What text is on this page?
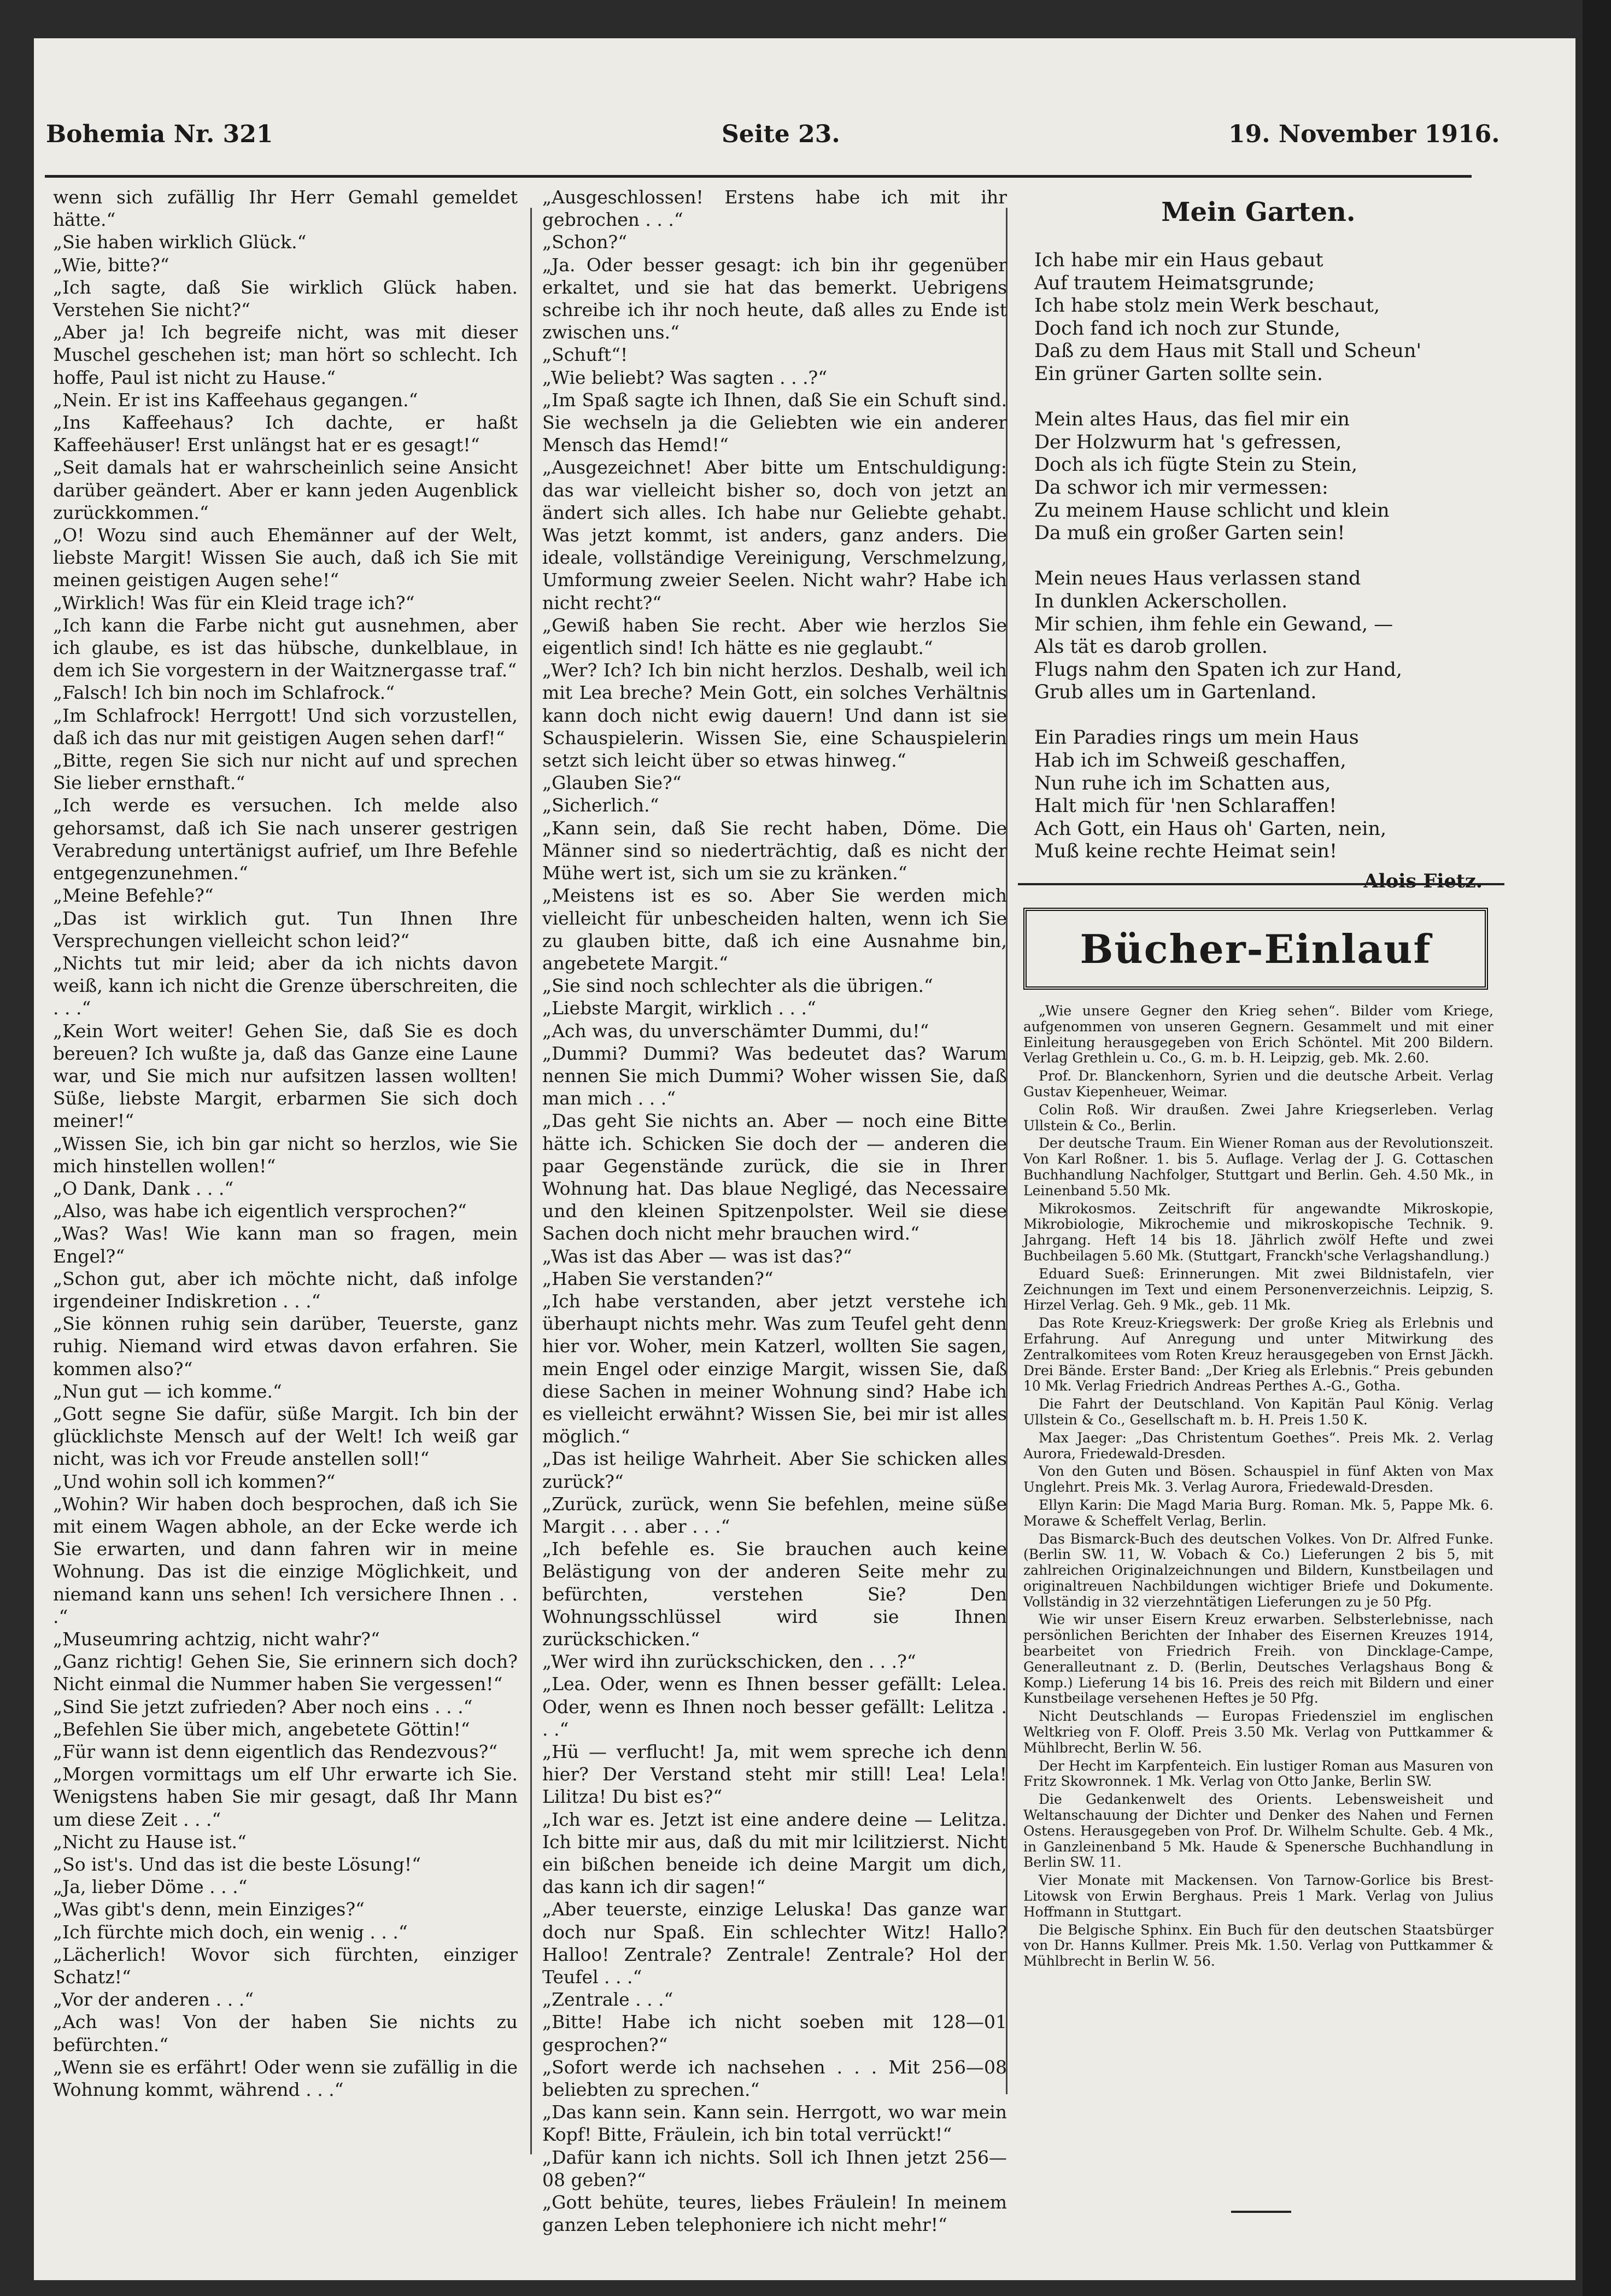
Bohemia Nr. 321	Seite 23.	19. November 1916.

wenn sich zufällig Ihr Herr Gemahl gemeldet hätte.“

„Sie haben wirklich Glück.“

„Wie, bitte?“

„Ich sagte, daß Sie wirklich Glück haben. Verstehen Sie nicht?“

„Aber ja! Ich begreife nicht, was mit dieser Muschel geschehen ist; man hört so schlecht. Ich hoffe, Paul ist nicht zu Hause.“

„Nein. Er ist ins Kaffeehaus gegangen.“

„Ins Kaffeehaus? Ich dachte, er haßt Kaffeehäuser! Erst unlängst hat er es gesagt!“

„Seit damals hat er wahrscheinlich seine Ansicht darüber geändert. Aber er kann jeden Augenblick zurückkommen.“

„O! Wozu sind auch Ehemänner auf der Welt, liebste Margit! Wissen Sie auch, daß ich Sie mit meinen geistigen Augen sehe!“

„Wirklich! Was für ein Kleid trage ich?“

„Ich kann die Farbe nicht gut ausnehmen, aber ich glaube, es ist das hübsche, dunkelblaue, in dem ich Sie vorgestern in der Waitznergasse traf.“

„Falsch! Ich bin noch im Schlafrock.“

„Im Schlafrock! Herrgott! Und sich vorzustellen, daß ich das nur mit geistigen Augen sehen darf!“

„Bitte, regen Sie sich nur nicht auf und sprechen Sie lieber ernsthaft.“

„Ich werde es versuchen. Ich melde also gehorsamst, daß ich Sie nach unserer gestrigen Verabredung untertänigst aufrief, um Ihre Befehle entgegenzunehmen.“

„Meine Befehle?“

„Das ist wirklich gut. Tun Ihnen Ihre Versprechungen vielleicht schon leid?“

„Nichts tut mir leid; aber da ich nichts davon weiß, kann ich nicht die Grenze überschreiten, die . . .“

„Kein Wort weiter! Gehen Sie, daß Sie es doch bereuen? Ich wußte ja, daß das Ganze eine Laune war, und Sie mich nur aufsitzen lassen wollten! Süße, liebste Margit, erbarmen Sie sich doch meiner!“

„Wissen Sie, ich bin gar nicht so herzlos, wie Sie mich hinstellen wollen!“

„O Dank, Dank . . .“

„Also, was habe ich eigentlich versprochen?“

„Was? Was! Wie kann man so fragen, mein Engel?“

„Schon gut, aber ich möchte nicht, daß infolge irgendeiner Indiskretion . . .“

„Sie können ruhig sein darüber, Teuerste, ganz ruhig. Niemand wird etwas davon erfahren. Sie kommen also?“

„Nun gut — ich komme.“

„Gott segne Sie dafür, süße Margit. Ich bin der glücklichste Mensch auf der Welt! Ich weiß gar nicht, was ich vor Freude anstellen soll!“

„Und wohin soll ich kommen?“

„Wohin? Wir haben doch besprochen, daß ich Sie mit einem Wagen abhole, an der Ecke werde ich Sie erwarten, und dann fahren wir in meine Wohnung. Das ist die einzige Möglichkeit, und niemand kann uns sehen! Ich versichere Ihnen . . .“

„Museumring achtzig, nicht wahr?“

„Ganz richtig! Gehen Sie, Sie erinnern sich doch? Nicht einmal die Nummer haben Sie vergessen!“

„Sind Sie jetzt zufrieden? Aber noch eins . . .“

„Befehlen Sie über mich, angebetete Göttin!“

„Für wann ist denn eigentlich das Rendezvous?“

„Morgen vormittags um elf Uhr erwarte ich Sie. Wenigstens haben Sie mir gesagt, daß Ihr Mann um diese Zeit . . .“

„Nicht zu Hause ist.“

„So ist's. Und das ist die beste Lösung!“

„Ja, lieber Döme . . .“

„Was gibt's denn, mein Einziges?“

„Ich fürchte mich doch, ein wenig . . .“

„Lächerlich! Wovor sich fürchten, einziger Schatz!“

„Vor der anderen . . .“

„Ach was! Von der haben Sie nichts zu befürchten.“

„Wenn sie es erfährt! Oder wenn sie zufällig in die Wohnung kommt, während . . .“

„Ausgeschlossen! Erstens habe ich mit ihr gebrochen . . .“

„Schon?“

„Ja. Oder besser gesagt: ich bin ihr gegenüber erkaltet, und sie hat das bemerkt. Uebrigens schreibe ich ihr noch heute, daß alles zu Ende ist zwischen uns.“

„Schuft“!

„Wie beliebt? Was sagten . . .?“

„Im Spaß sagte ich Ihnen, daß Sie ein Schuft sind. Sie wechseln ja die Geliebten wie ein anderer Mensch das Hemd!“

„Ausgezeichnet! Aber bitte um Entschuldigung: das war vielleicht bisher so, doch von jetzt an ändert sich alles. Ich habe nur Geliebte gehabt. Was jetzt kommt, ist anders, ganz anders. Die ideale, vollständige Vereinigung, Verschmelzung, Umformung zweier Seelen. Nicht wahr? Habe ich nicht recht?“

„Gewiß haben Sie recht. Aber wie herzlos Sie eigentlich sind! Ich hätte es nie geglaubt.“

„Wer? Ich? Ich bin nicht herzlos. Deshalb, weil ich mit Lea breche? Mein Gott, ein solches Verhältnis kann doch nicht ewig dauern! Und dann ist sie Schauspielerin. Wissen Sie, eine Schauspielerin setzt sich leicht über so etwas hinweg.“

„Glauben Sie?“

„Sicherlich.“

„Kann sein, daß Sie recht haben, Döme. Die Männer sind so niederträchtig, daß es nicht der Mühe wert ist, sich um sie zu kränken.“

„Meistens ist es so. Aber Sie werden mich vielleicht für unbescheiden halten, wenn ich Sie zu glauben bitte, daß ich eine Ausnahme bin, angebetete Margit.“

„Sie sind noch schlechter als die übrigen.“

„Liebste Margit, wirklich . . .“

„Ach was, du unverschämter Dummi, du!“

„Dummi? Dummi? Was bedeutet das? Warum nennen Sie mich Dummi? Woher wissen Sie, daß man mich . . .“

„Das geht Sie nichts an. Aber — noch eine Bitte hätte ich. Schicken Sie doch der — anderen die paar Gegenstände zurück, die sie in Ihrer Wohnung hat. Das blaue Negligé, das Necessaire und den kleinen Spitzenpolster. Weil sie diese Sachen doch nicht mehr brauchen wird.“

„Was ist das Aber — was ist das?“

„Haben Sie verstanden?“

„Ich habe verstanden, aber jetzt verstehe ich überhaupt nichts mehr. Was zum Teufel geht denn hier vor. Woher, mein Katzerl, wollten Sie sagen, mein Engel oder einzige Margit, wissen Sie, daß diese Sachen in meiner Wohnung sind? Habe ich es vielleicht erwähnt? Wissen Sie, bei mir ist alles möglich.“

„Das ist heilige Wahrheit. Aber Sie schicken alles zurück?“

„Zurück, zurück, wenn Sie befehlen, meine süße Margit . . . aber . . .“

„Ich befehle es. Sie brauchen auch keine Belästigung von der anderen Seite mehr zu befürchten, verstehen Sie? Den Wohnungsschlüssel wird sie Ihnen zurückschicken.“

„Wer wird ihn zurückschicken, den . . .?“

„Lea. Oder, wenn es Ihnen besser gefällt: Lelea. Oder, wenn es Ihnen noch besser gefällt: Lelitza . . .“

„Hü — verflucht! Ja, mit wem spreche ich denn hier? Der Verstand steht mir still! Lea! Lela! Lilitza! Du bist es?“

„Ich war es. Jetzt ist eine andere deine — Lelitza. Ich bitte mir aus, daß du mit mir lcilitzierst. Nicht ein bißchen beneide ich deine Margit um dich, das kann ich dir sagen!“

„Aber teuerste, einzige Leluska! Das ganze war doch nur Spaß. Ein schlechter Witz! Hallo? Halloo! Zentrale? Zentrale! Zentrale? Hol der Teufel . . .“

„Zentrale . . .“

„Bitte! Habe ich nicht soeben mit 128—01 gesprochen?“

„Sofort werde ich nachsehen . . . Mit 256—08 beliebten zu sprechen.“

„Das kann sein. Kann sein. Herrgott, wo war mein Kopf! Bitte, Fräulein, ich bin total verrückt!“

„Dafür kann ich nichts. Soll ich Ihnen jetzt 256—08 geben?“

„Gott behüte, teures, liebes Fräulein! In meinem ganzen Leben telephoniere ich nicht mehr!“

Mein Garten.
Ich habe mir ein Haus gebaut
Auf trautem Heimatsgrunde;
Ich habe stolz mein Werk beschaut,
Doch fand ich noch zur Stunde,
Daß zu dem Haus mit Stall und Scheun'
Ein grüner Garten sollte sein.
Mein altes Haus, das fiel mir ein
Der Holzwurm hat 's gefressen,
Doch als ich fügte Stein zu Stein,
Da schwor ich mir vermessen:
Zu meinem Hause schlicht und klein
Da muß ein großer Garten sein!
Mein neues Haus verlassen stand
In dunklen Ackerschollen.
Mir schien, ihm fehle ein Gewand, —
Als tät es darob grollen.
Flugs nahm den Spaten ich zur Hand,
Grub alles um in Gartenland.
Ein Paradies rings um mein Haus
Hab ich im Schweiß geschaffen,
Nun ruhe ich im Schatten aus,
Halt mich für 'nen Schlaraffen!
Ach Gott, ein Haus oh' Garten, nein,
Muß keine rechte Heimat sein!
Alois Fietz.
Bücher-Einlauf

„Wie unsere Gegner den Krieg sehen“. Bilder vom Kriege, aufgenommen von unseren Gegnern. Gesammelt und mit einer Einleitung herausgegeben von Erich Schöntel. Mit 200 Bildern. Verlag Grethlein u. Co., G. m. b. H. Leipzig, geb. Mk. 2.60.

Prof. Dr. Blanckenhorn, Syrien und die deutsche Arbeit. Verlag Gustav Kiepenheuer, Weimar.

Colin Roß. Wir draußen. Zwei Jahre Kriegserleben. Verlag Ullstein & Co., Berlin.

Der deutsche Traum. Ein Wiener Roman aus der Revolutionszeit. Von Karl Roßner. 1. bis 5. Auflage. Verlag der J. G. Cottaschen Buchhandlung Nachfolger, Stuttgart und Berlin. Geh. 4.50 Mk., in Leinenband 5.50 Mk.

Mikrokosmos. Zeitschrift für angewandte Mikroskopie, Mikrobiologie, Mikrochemie und mikroskopische Technik. 9. Jahrgang. Heft 14 bis 18. Jährlich zwölf Hefte und zwei Buchbeilagen 5.60 Mk. (Stuttgart, Franckh'sche Verlagshandlung.)

Eduard Sueß: Erinnerungen. Mit zwei Bildnistafeln, vier Zeichnungen im Text und einem Personenverzeichnis. Leipzig, S. Hirzel Verlag. Geh. 9 Mk., geb. 11 Mk.

Das Rote Kreuz-Kriegswerk: Der große Krieg als Erlebnis und Erfahrung. Auf Anregung und unter Mitwirkung des Zentralkomitees vom Roten Kreuz herausgegeben von Ernst Jäckh. Drei Bände. Erster Band: „Der Krieg als Erlebnis.“ Preis gebunden 10 Mk. Verlag Friedrich Andreas Perthes A.-G., Gotha.

Die Fahrt der Deutschland. Von Kapitän Paul König. Verlag Ullstein & Co., Gesellschaft m. b. H. Preis 1.50 K.

Max Jaeger: „Das Christentum Goethes“. Preis Mk. 2. Verlag Aurora, Friedewald-Dresden.

Von den Guten und Bösen. Schauspiel in fünf Akten von Max Unglehrt. Preis Mk. 3. Verlag Aurora, Friedewald-Dresden.

Ellyn Karin: Die Magd Maria Burg. Roman. Mk. 5, Pappe Mk. 6. Morawe & Scheffelt Verlag, Berlin.

Das Bismarck-Buch des deutschen Volkes. Von Dr. Alfred Funke. (Berlin SW. 11, W. Vobach & Co.) Lieferungen 2 bis 5, mit zahlreichen Originalzeichnungen und Bildern, Kunstbeilagen und originaltreuen Nachbildungen wichtiger Briefe und Dokumente. Vollständig in 32 vierzehntätigen Lieferungen zu je 50 Pfg.

Wie wir unser Eisern Kreuz erwarben. Selbsterlebnisse, nach persönlichen Berichten der Inhaber des Eisernen Kreuzes 1914, bearbeitet von Friedrich Freih. von Dincklage-Campe, Generalleutnant z. D. (Berlin, Deutsches Verlagshaus Bong & Komp.) Lieferung 14 bis 16. Preis des reich mit Bildern und einer Kunstbeilage versehenen Heftes je 50 Pfg.

Nicht Deutschlands — Europas Friedensziel im englischen Weltkrieg von F. Oloff. Preis 3.50 Mk. Verlag von Puttkammer & Mühlbrecht, Berlin W. 56.

Der Hecht im Karpfenteich. Ein lustiger Roman aus Masuren von Fritz Skowronnek. 1 Mk. Verlag von Otto Janke, Berlin SW.

Die Gedankenwelt des Orients. Lebensweisheit und Weltanschauung der Dichter und Denker des Nahen und Fernen Ostens. Herausgegeben von Prof. Dr. Wilhelm Schulte. Geb. 4 Mk., in Ganzleinenband 5 Mk. Haude & Spenersche Buchhandlung in Berlin SW. 11.

Vier Monate mit Mackensen. Von Tarnow-Gorlice bis Brest-Litowsk von Erwin Berghaus. Preis 1 Mark. Verlag von Julius Hoffmann in Stuttgart.

Die Belgische Sphinx. Ein Buch für den deutschen Staatsbürger von Dr. Hanns Kullmer. Preis Mk. 1.50. Verlag von Puttkammer & Mühlbrecht in Berlin W. 56.
